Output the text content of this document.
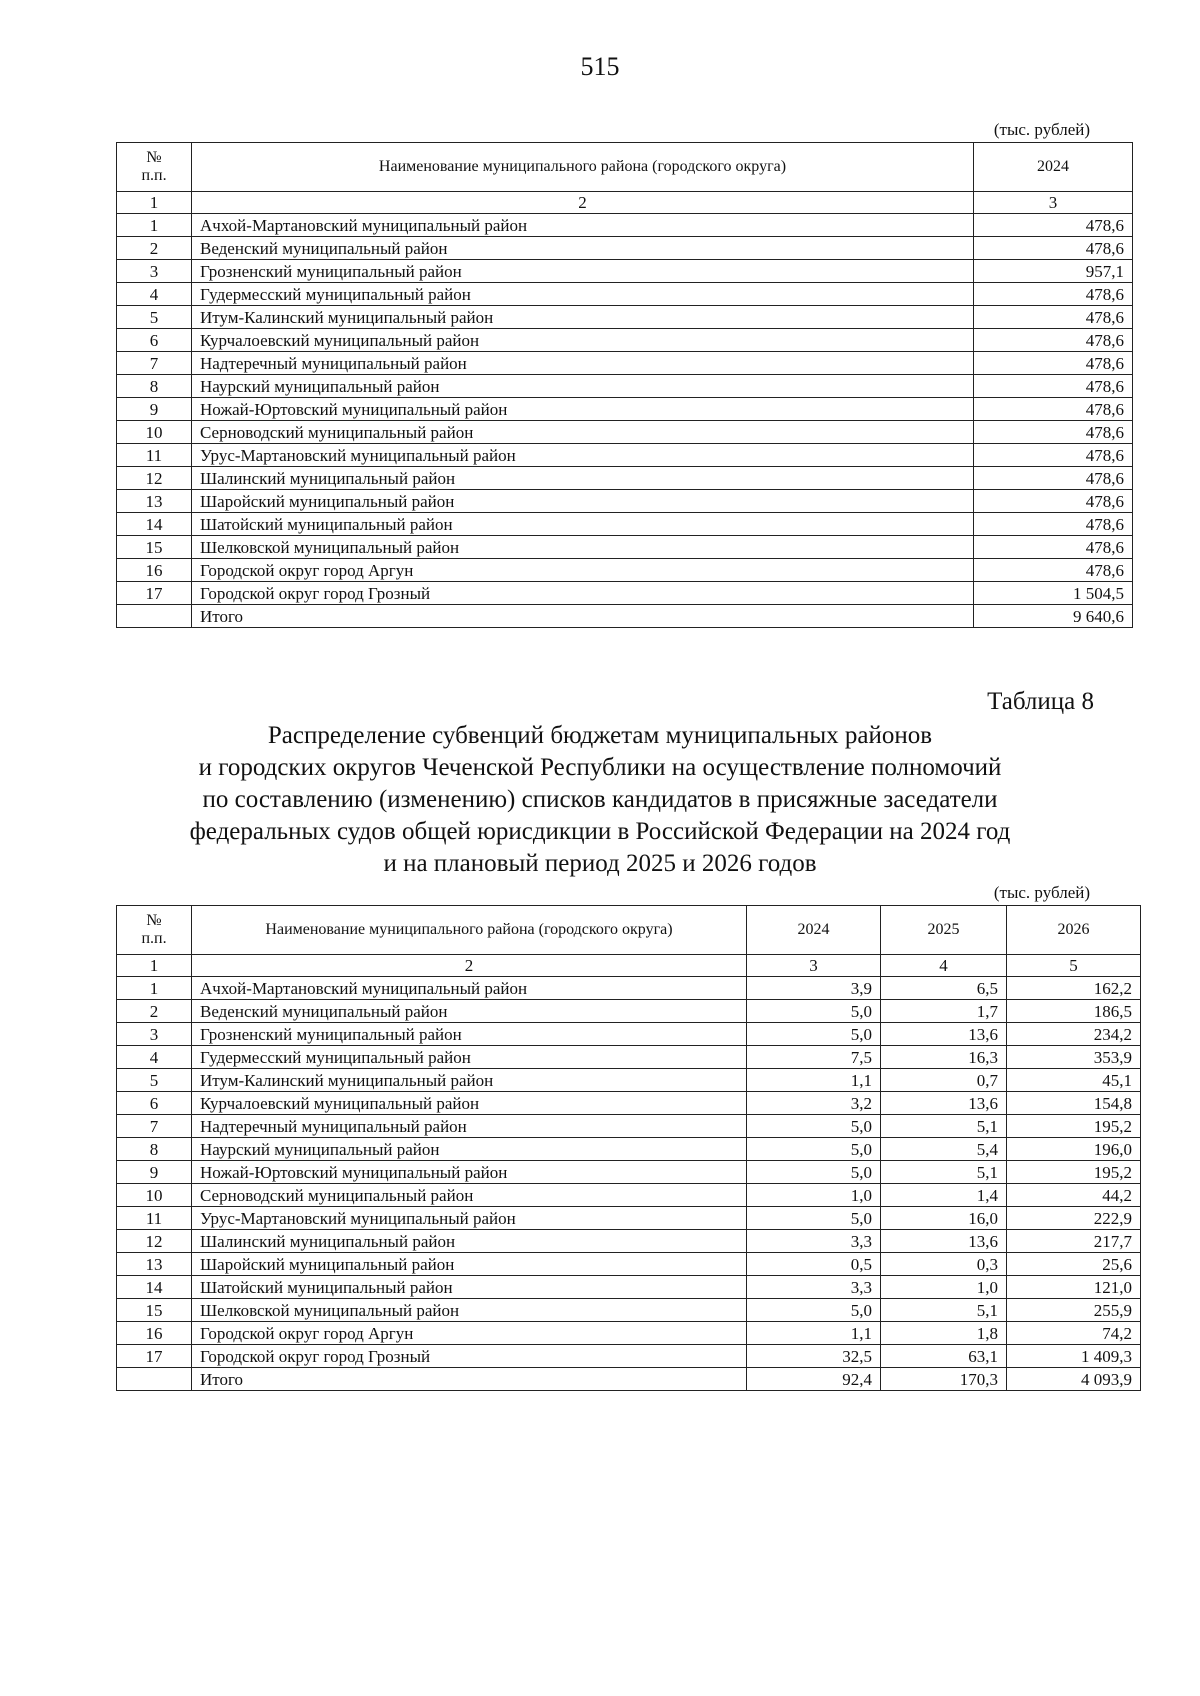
515
(тыс. рублей)
№
п.п.	Наименование муниципального района (городского округа)	2024
1	2	3
1	Ачхой-Мартановский муниципальный район	478,6
2	Веденский муниципальный район	478,6
3	Грозненский муниципальный район	957,1
4	Гудермесский муниципальный район	478,6
5	Итум-Калинский муниципальный район	478,6
6	Курчалоевский муниципальный район	478,6
7	Надтеречный муниципальный район	478,6
8	Наурский муниципальный район	478,6
9	Ножай-Юртовский муниципальный район	478,6
10	Серноводский муниципальный район	478,6
11	Урус-Мартановский муниципальный район	478,6
12	Шалинский муниципальный район	478,6
13	Шаройский муниципальный район	478,6
14	Шатойский муниципальный район	478,6
15	Шелковской муниципальный район	478,6
16	Городской округ город Аргун	478,6
17	Городской округ город Грозный	1 504,5
	Итого	9 640,6
Таблица 8
Распределение субвенций бюджетам муниципальных районов
и городских округов Чеченской Республики на осуществление полномочий
по составлению (изменению) списков кандидатов в присяжные заседатели
федеральных судов общей юрисдикции в Российской Федерации на 2024 год
и на плановый период 2025 и 2026 годов
(тыс. рублей)
№
п.п.	Наименование муниципального района (городского округа)	2024	2025	2026
1	2	3	4	5
1	Ачхой-Мартановский муниципальный район	3,9	6,5	162,2
2	Веденский муниципальный район	5,0	1,7	186,5
3	Грозненский муниципальный район	5,0	13,6	234,2
4	Гудермесский муниципальный район	7,5	16,3	353,9
5	Итум-Калинский муниципальный район	1,1	0,7	45,1
6	Курчалоевский муниципальный район	3,2	13,6	154,8
7	Надтеречный муниципальный район	5,0	5,1	195,2
8	Наурский муниципальный район	5,0	5,4	196,0
9	Ножай-Юртовский муниципальный район	5,0	5,1	195,2
10	Серноводский муниципальный район	1,0	1,4	44,2
11	Урус-Мартановский муниципальный район	5,0	16,0	222,9
12	Шалинский муниципальный район	3,3	13,6	217,7
13	Шаройский муниципальный район	0,5	0,3	25,6
14	Шатойский муниципальный район	3,3	1,0	121,0
15	Шелковской муниципальный район	5,0	5,1	255,9
16	Городской округ город Аргун	1,1	1,8	74,2
17	Городской округ город Грозный	32,5	63,1	1 409,3
	Итого	92,4	170,3	4 093,9
